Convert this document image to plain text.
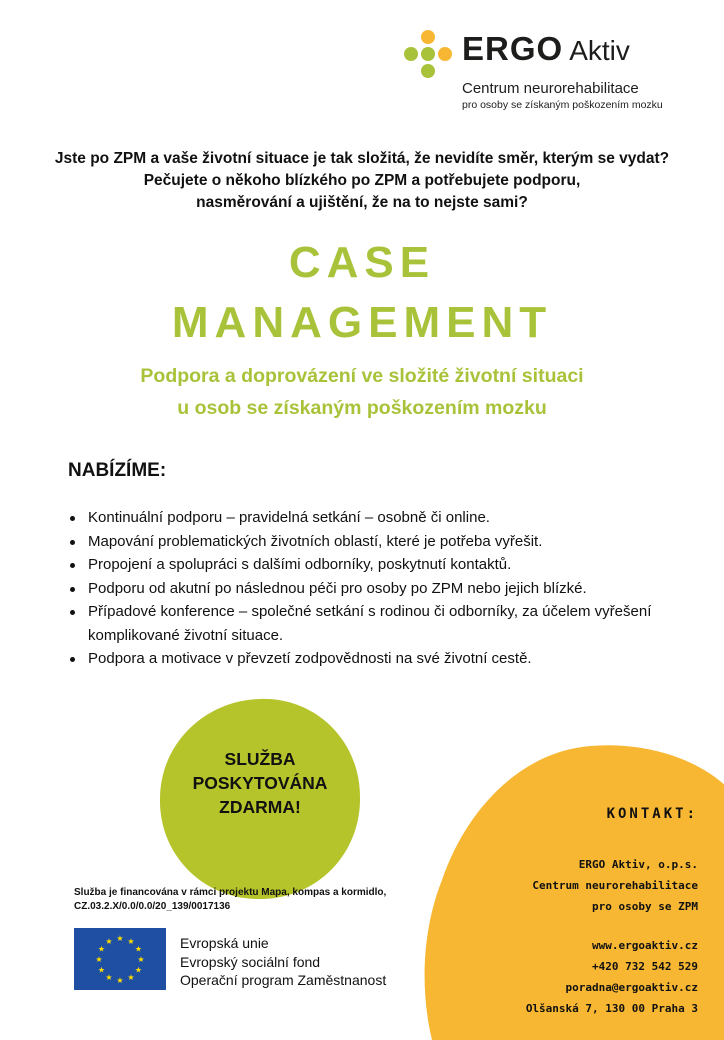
ERGO Aktiv
Centrum neurorehabilitace
pro osoby se získaným poškozením mozku
Jste po ZPM a vaše životní situace je tak složitá, že nevidíte směr, kterým se vydat?
Pečujete o někoho blízkého po ZPM a potřebujete podporu,
nasměrování a ujištění, že na to nejste sami?
CASE
MANAGEMENT
Podpora a doprovázení ve složité životní situaci
u osob se získaným poškozením mozku
NABÍZÍME:
Kontinuální podporu – pravidelná setkání – osobně či online.
Mapování problematických životních oblastí, které je potřeba vyřešit.
Propojení a spolupráci s dalšími odborníky, poskytnutí kontaktů.
Podporu od akutní po následnou péči pro osoby po ZPM nebo jejich blízké.
Případové konference – společné setkání s rodinou či odborníky, za účelem vyřešení komplikované životní situace.
Podpora a motivace v převzetí zodpovědnosti na své životní cestě.
SLUŽBA
POSKYTOVÁNA
ZDARMA!	KONTAKT:
ERGO Aktiv, o.p.s.
Centrum neurorehabilitace
pro osoby se ZPM
www.ergoaktiv.cz
+420 732 542 529
poradna@ergoaktiv.cz
Olšanská 7, 130 00 Praha 3
Služba je financována v rámci projektu Mapa, kompas a kormidlo,
CZ.03.2.X/0.0/0.0/20_139/0017136
★ ★
★
★
★
★
★
★
★
★
★
★	Evropská unie
Evropský sociální fond
Operační program Zaměstnanost
